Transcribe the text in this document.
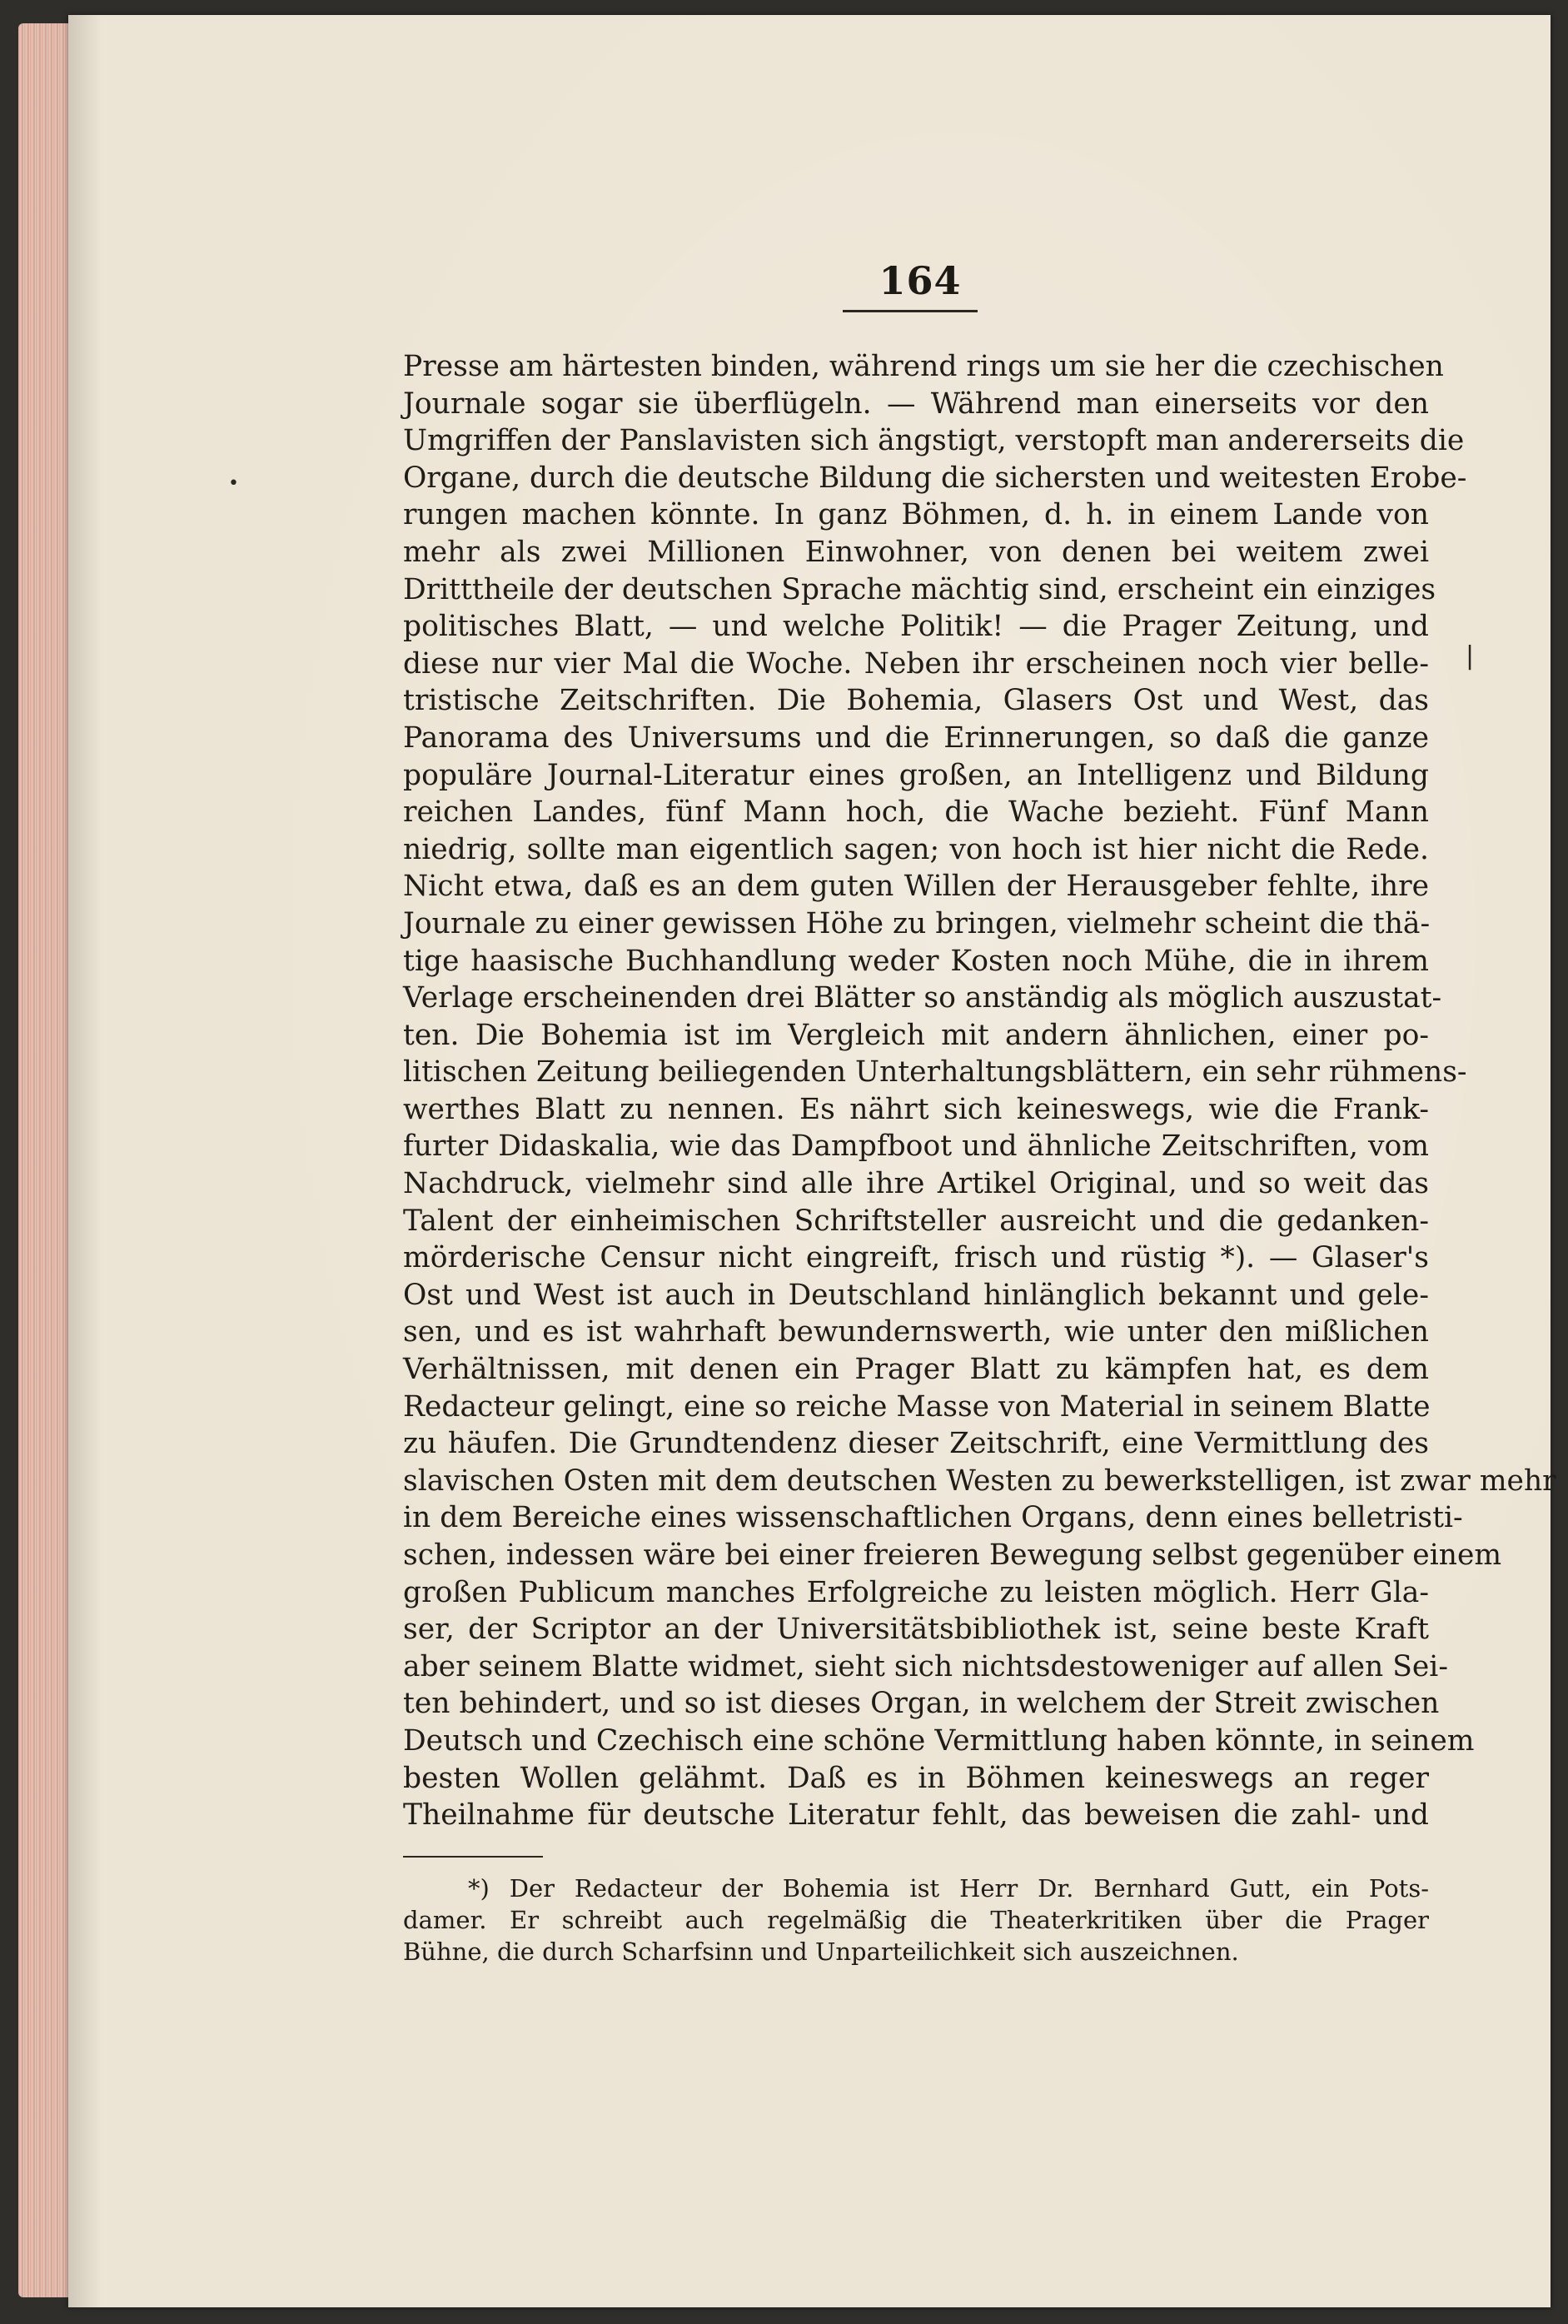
164
•
|
Presse am härtesten binden, während rings um sie her die czechischen
Journale sogar sie überflügeln. — Während man einerseits vor den
Umgriffen der Panslavisten sich ängstigt, verstopft man andererseits die
Organe, durch die deutsche Bildung die sichersten und weitesten Erobe-
rungen machen könnte. In ganz Böhmen, d. h. in einem Lande von
mehr als zwei Millionen Einwohner, von denen bei weitem zwei
Dritttheile der deutschen Sprache mächtig sind, erscheint ein einziges
politisches Blatt, — und welche Politik! — die Prager Zeitung, und
diese nur vier Mal die Woche. Neben ihr erscheinen noch vier belle-
tristische Zeitschriften. Die Bohemia, Glasers Ost und West, das
Panorama des Universums und die Erinnerungen, so daß die ganze
populäre Journal-Literatur eines großen, an Intelligenz und Bildung
reichen Landes, fünf Mann hoch, die Wache bezieht. Fünf Mann
niedrig, sollte man eigentlich sagen; von hoch ist hier nicht die Rede.
Nicht etwa, daß es an dem guten Willen der Herausgeber fehlte, ihre
Journale zu einer gewissen Höhe zu bringen, vielmehr scheint die thä-
tige haasische Buchhandlung weder Kosten noch Mühe, die in ihrem
Verlage erscheinenden drei Blätter so anständig als möglich auszustat-
ten. Die Bohemia ist im Vergleich mit andern ähnlichen, einer po-
litischen Zeitung beiliegenden Unterhaltungsblättern, ein sehr rühmens-
werthes Blatt zu nennen. Es nährt sich keineswegs, wie die Frank-
furter Didaskalia, wie das Dampfboot und ähnliche Zeitschriften, vom
Nachdruck, vielmehr sind alle ihre Artikel Original, und so weit das
Talent der einheimischen Schriftsteller ausreicht und die gedanken-
mörderische Censur nicht eingreift, frisch und rüstig *). — Glaser's
Ost und West ist auch in Deutschland hinlänglich bekannt und gele-
sen, und es ist wahrhaft bewundernswerth, wie unter den mißlichen
Verhältnissen, mit denen ein Prager Blatt zu kämpfen hat, es dem
Redacteur gelingt, eine so reiche Masse von Material in seinem Blatte
zu häufen. Die Grundtendenz dieser Zeitschrift, eine Vermittlung des
slavischen Osten mit dem deutschen Westen zu bewerkstelligen, ist zwar mehr
in dem Bereiche eines wissenschaftlichen Organs, denn eines belletristi-
schen, indessen wäre bei einer freieren Bewegung selbst gegenüber einem
großen Publicum manches Erfolgreiche zu leisten möglich. Herr Gla-
ser, der Scriptor an der Universitätsbibliothek ist, seine beste Kraft
aber seinem Blatte widmet, sieht sich nichtsdestoweniger auf allen Sei-
ten behindert, und so ist dieses Organ, in welchem der Streit zwischen
Deutsch und Czechisch eine schöne Vermittlung haben könnte, in seinem
besten Wollen gelähmt. Daß es in Böhmen keineswegs an reger
Theilnahme für deutsche Literatur fehlt, das beweisen die zahl- und
*) Der Redacteur der Bohemia ist Herr Dr. Bernhard Gutt, ein Pots-
damer. Er schreibt auch regelmäßig die Theaterkritiken über die Prager
Bühne, die durch Scharfsinn und Unparteilichkeit sich auszeichnen.
